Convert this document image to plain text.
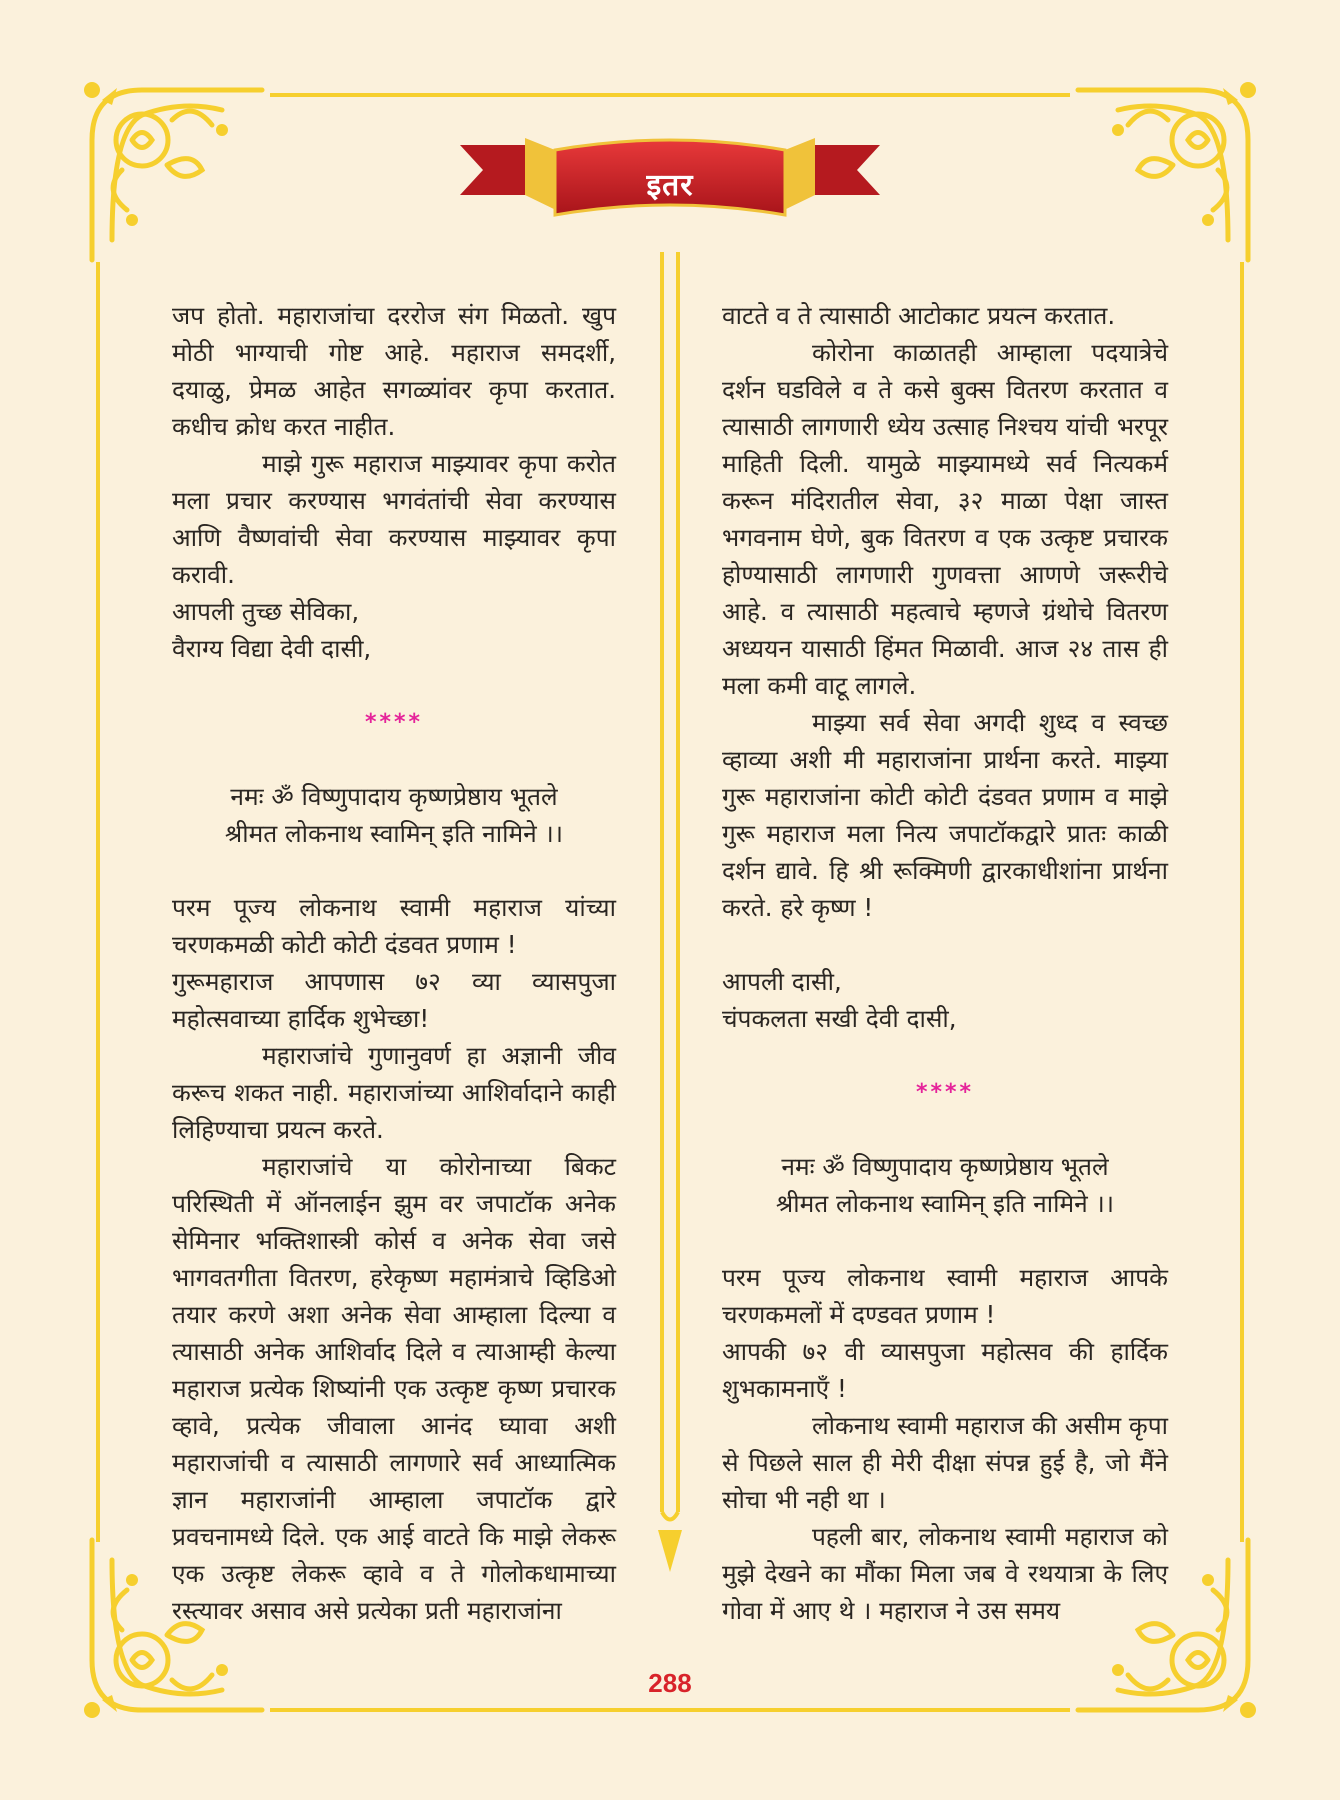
इतर

जप होतो. महाराजांचा दररोज संग मिळतो. खुप मोठी भाग्याची गोष्ट आहे. महाराज समदर्शी, दयाळु, प्रेमळ आहेत सगळ्यांवर कृपा करतात. कधीच क्रोध करत नाहीत.

माझे गुरू महाराज माझ्यावर कृपा करोत मला प्रचार करण्यास भगवंतांची सेवा करण्यास आणि वैष्णवांची सेवा करण्यास माझ्यावर कृपा करावी.

आपली तुच्छ सेविका,

वैराग्य विद्या देवी दासी,

****

नमः ॐ विष्णुपादाय कृष्णप्रेष्ठाय भूतले

श्रीमत लोकनाथ स्वामिन् इति नामिने ।।

परम पूज्य लोकनाथ स्वामी महाराज यांच्या चरणकमळी कोटी कोटी दंडवत प्रणाम !

गुरूमहाराज आपणास ७२ व्या व्यासपुजा महोत्सवाच्या हार्दिक शुभेच्छा!

महाराजांचे गुणानुवर्ण हा अज्ञानी जीव करूच शकत नाही. महाराजांच्या आशिर्वादाने काही लिहिण्याचा प्रयत्न करते.

महाराजांचे या कोरोनाच्या बिकट परिस्थिती में ऑनलाईन झुम वर जपाटॉक अनेक सेमिनार भक्तिशास्त्री कोर्स व अनेक सेवा जसे भागवतगीता वितरण, हरेकृष्ण महामंत्राचे व्हिडिओ तयार करणे अशा अनेक सेवा आम्हाला दिल्या व त्यासाठी अनेक आशिर्वाद दिले व त्याआम्ही केल्या महाराज प्रत्येक शिष्यांनी एक उत्कृष्ट कृष्ण प्रचारक व्हावे, प्रत्येक जीवाला आनंद घ्यावा अशी महाराजांची व त्यासाठी लागणारे सर्व आध्यात्मिक ज्ञान महाराजांनी आम्हाला जपाटॉक द्वारे प्रवचनामध्ये दिले. एक आई वाटते कि माझे लेकरू एक उत्कृष्ट लेकरू व्हावे व ते गोलोकधामाच्या रस्त्यावर असाव असे प्रत्येका प्रती महाराजांना

वाटते व ते त्यासाठी आटोकाट प्रयत्न करतात.

कोरोना काळातही आम्हाला पदयात्रेचे दर्शन घडविले व ते कसे बुक्स वितरण करतात व त्यासाठी लागणारी ध्येय उत्साह निश्चय यांची भरपूर माहिती दिली. यामुळे माझ्यामध्ये सर्व नित्यकर्म करून मंदिरातील सेवा, ३२ माळा पेक्षा जास्त भगवनाम घेणे, बुक वितरण व एक उत्कृष्ट प्रचारक होण्यासाठी लागणारी गुणवत्ता आणणे जरूरीचे आहे. व त्यासाठी महत्वाचे म्हणजे ग्रंथोचे वितरण अध्ययन यासाठी हिंमत मिळावी. आज २४ तास ही मला कमी वाटू लागले.

माझ्या सर्व सेवा अगदी शुध्द व स्वच्छ व्हाव्या अशी मी महाराजांना प्रार्थना करते. माझ्या गुरू महाराजांना कोटी कोटी दंडवत प्रणाम व माझे गुरू महाराज मला नित्य जपाटॉकद्वारे प्रातः काळी दर्शन द्यावे. हि श्री रूक्मिणी द्वारकाधीशांना प्रार्थना करते. हरे कृष्ण !

आपली दासी,

चंपकलता सखी देवी दासी,

****

नमः ॐ विष्णुपादाय कृष्णप्रेष्ठाय भूतले

श्रीमत लोकनाथ स्वामिन् इति नामिने ।।

परम पूज्य लोकनाथ स्वामी महाराज आपके चरणकमलों में दण्डवत प्रणाम !

आपकी ७२ वी व्यासपुजा महोत्सव की हार्दिक शुभकामनाएँ !

लोकनाथ स्वामी महाराज की असीम कृपा से पिछले साल ही मेरी दीक्षा संपन्न हुई है, जो मैंने सोचा भी नही था ।

पहली बार, लोकनाथ स्वामी महाराज को मुझे देखने का मौंका मिला जब वे रथयात्रा के लिए गोवा में आए थे । महाराज ने उस समय

288
